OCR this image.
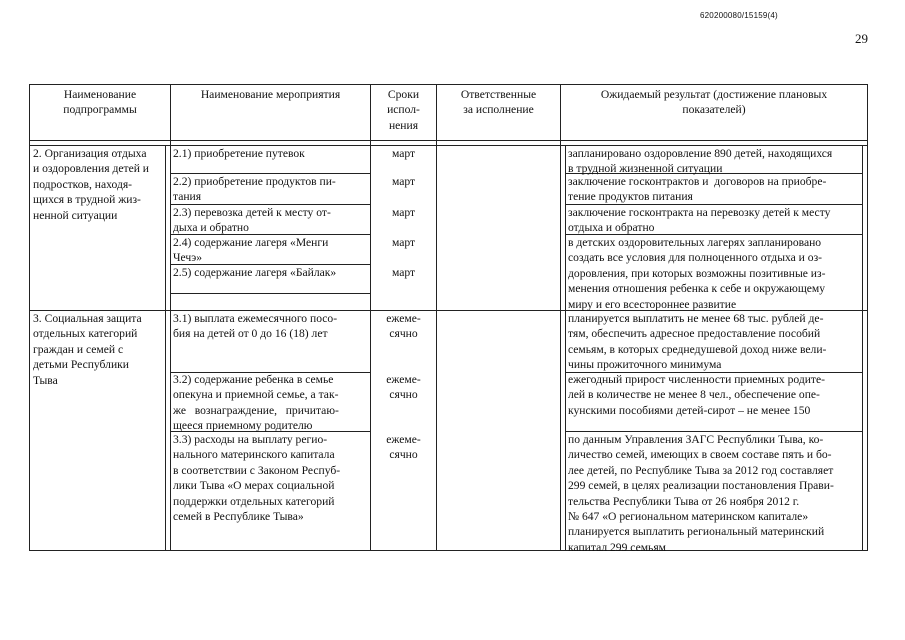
620200080/15159(4)
29
Наименование
подпрограммы
Наименование мероприятия	Сроки
испол-
нения
Ответственные
за исполнение
Ожидаемый результат (достижение плановых
показателей)
2. Организация отдыха
и оздоровления детей и
подростков, находя-
щихся в трудной жиз-
ненной ситуации
3. Социальная защита
отдельных категорий
граждан и семей с
детьми Республики
Тыва
2.1) приобретение путевок
2.2) приобретение продуктов пи-
тания
2.3) перевозка детей к месту от-
дыха и обратно
2.4) содержание лагеря «Менги
Чечэ»
2.5) содержание лагеря «Байлак»
3.1) выплата ежемесячного посо-
бия на детей от 0 до 16 (18) лет
3.2) содержание ребенка в семье
опекуна и приемной семье, а так-
же   вознаграждение,   причитаю-
щееся приемному родителю
3.3) расходы на выплату регио-
нального материнского капитала
в соответствии с Законом Респуб-
лики Тыва «О мерах социальной
поддержки отдельных категорий
семей в Республике Тыва»
март
март
март
март
март
ежеме-
сячно
ежеме-
сячно
ежеме-
сячно
запланировано оздоровление 890 детей, находящихся
в трудной жизненной ситуации
заключение госконтрактов и  договоров на приобре-
тение продуктов питания
заключение госконтракта на перевозку детей к месту
отдыха и обратно
в детских оздоровительных лагерях запланировано
создать все условия для полноценного отдыха и оз-
доровления, при которых возможны позитивные из-
менения отношения ребенка к себе и окружающему
миру и его всестороннее развитие
планируется выплатить не менее 68 тыс. рублей де-
тям, обеспечить адресное предоставление пособий
семьям, в которых среднедушевой доход ниже вели-
чины прожиточного минимума
ежегодный прирост численности приемных родите-
лей в количестве не менее 8 чел., обеспечение опе-
кунскими пособиями детей-сирот – не менее 150
по данным Управления ЗАГС Республики Тыва, ко-
личество семей, имеющих в своем составе пять и бо-
лее детей, по Республике Тыва за 2012 год составляет
299 семей, в целях реализации постановления Прави-
тельства Республики Тыва от 26 ноября 2012 г.
№ 647 «О региональном материнском капитале»
планируется выплатить региональный материнский
капитал 299 семьям
